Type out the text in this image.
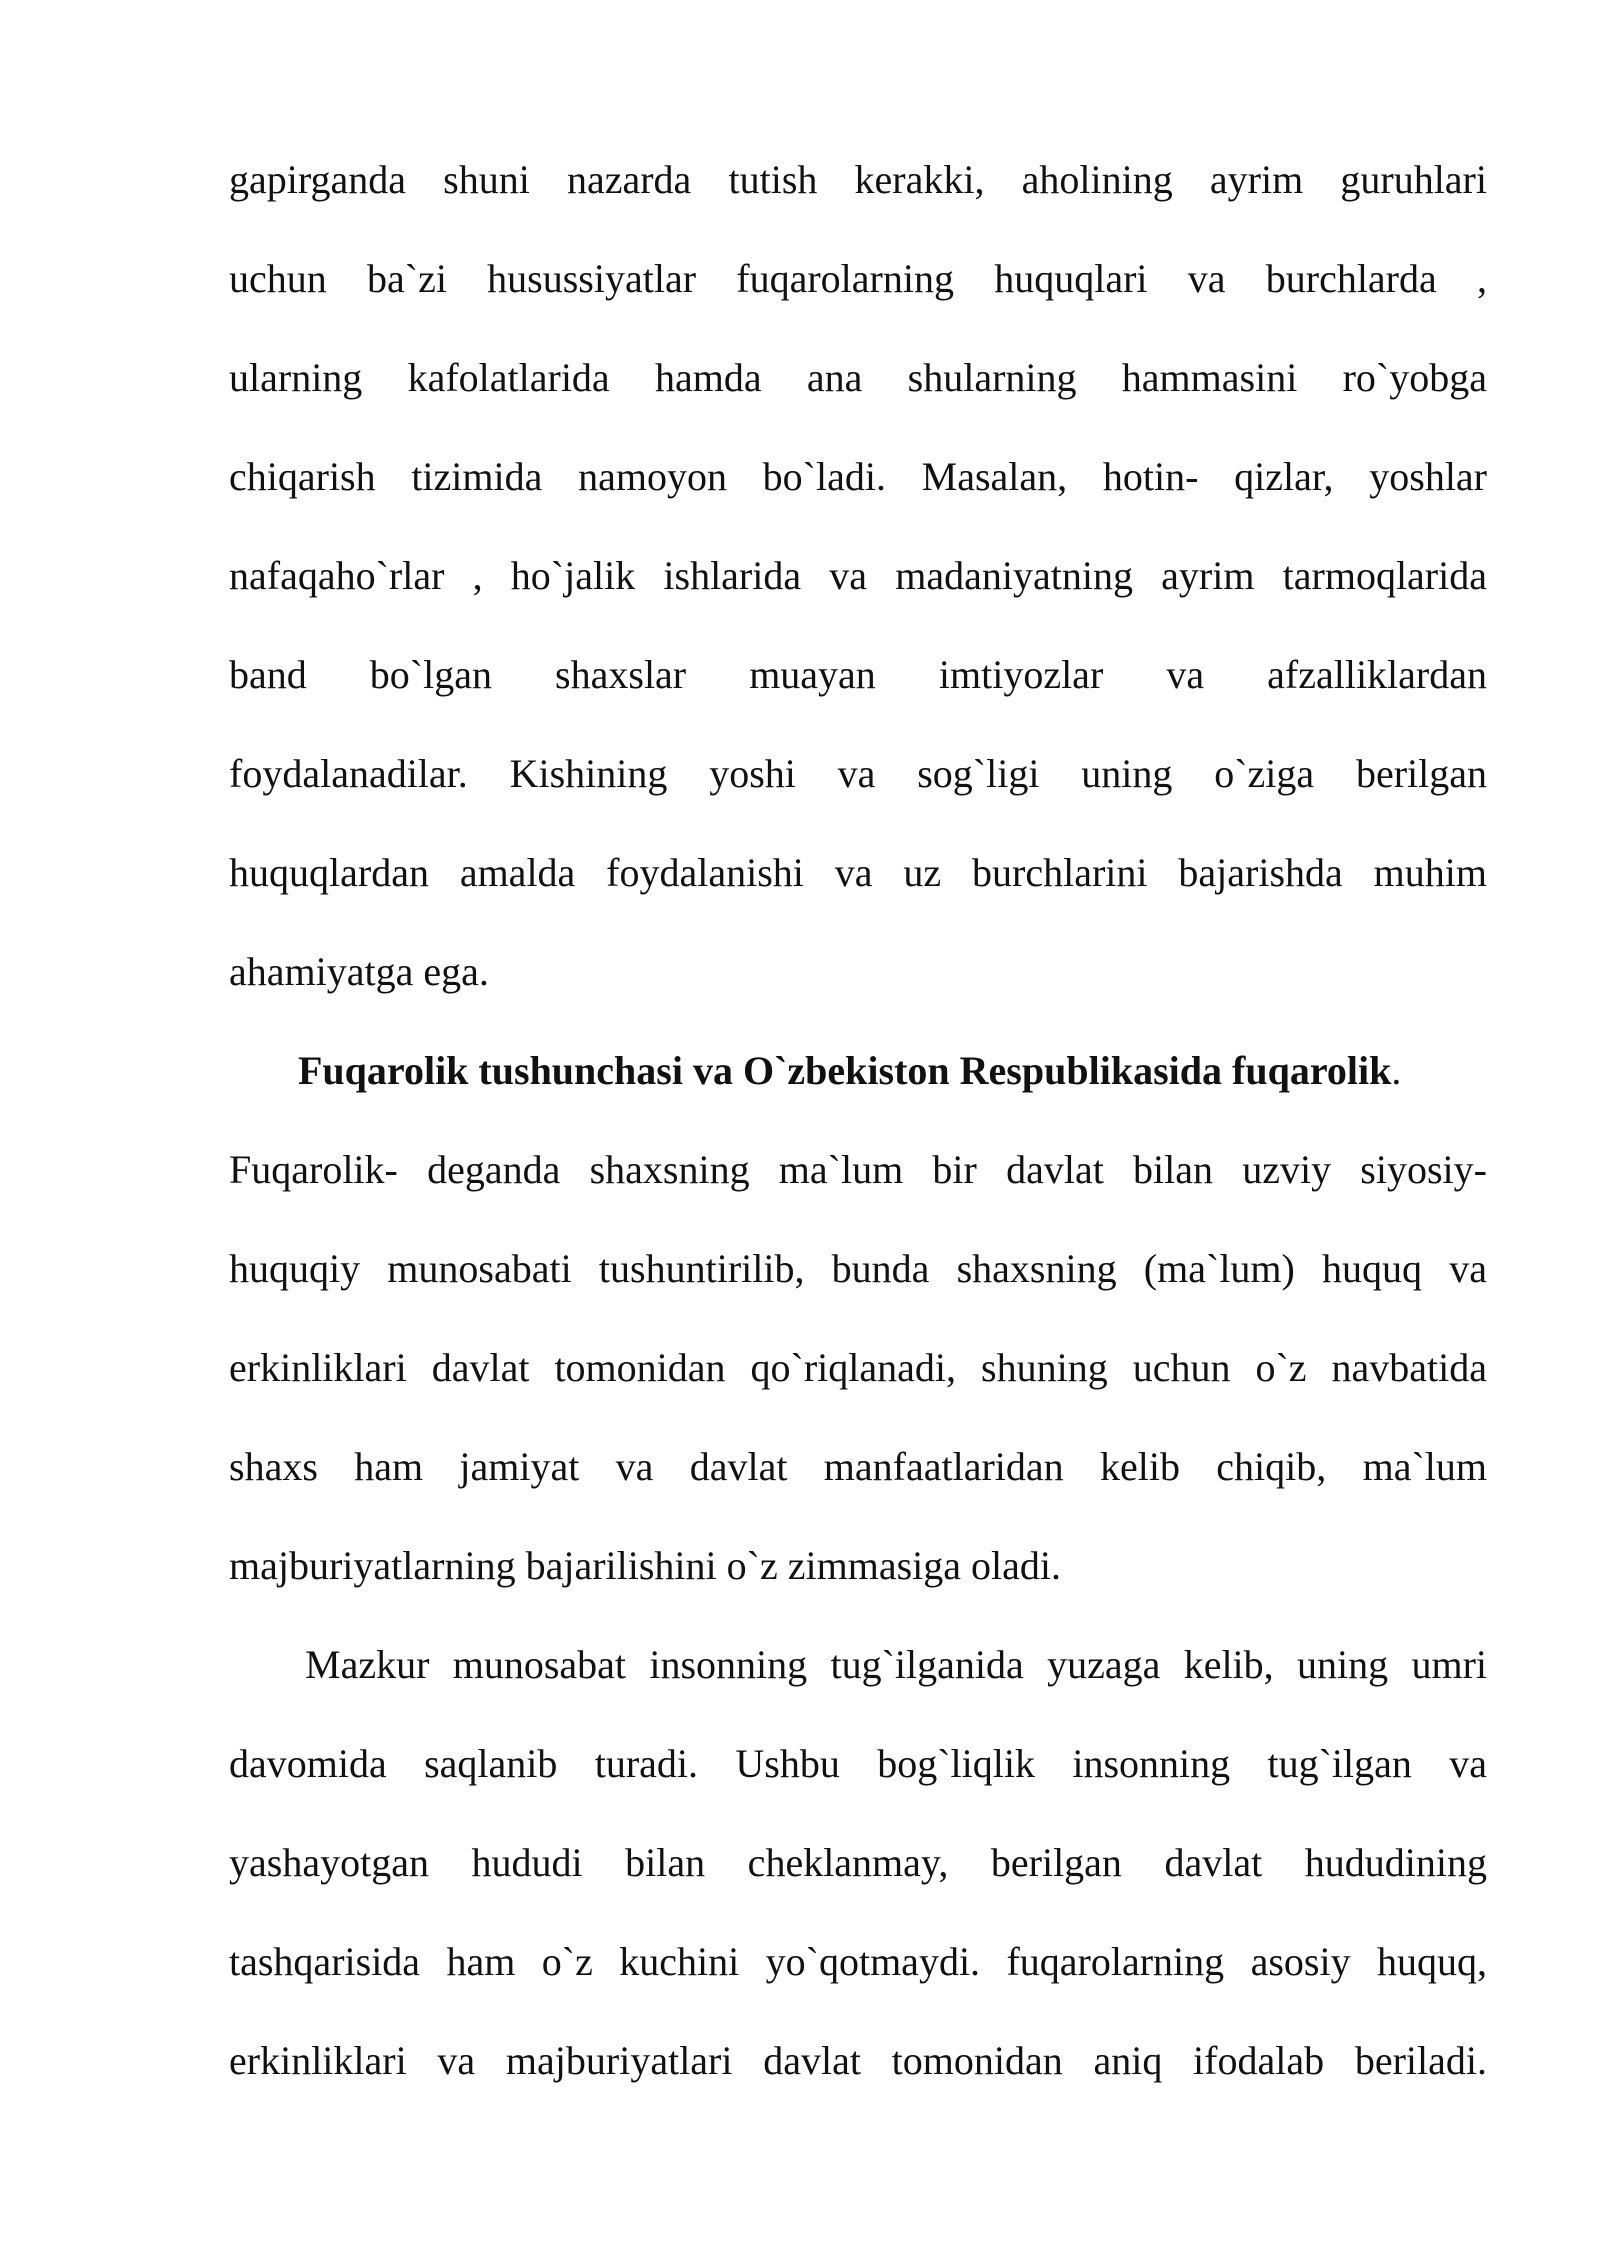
gapirganda shuni nazarda tutish kerakki, aholining ayrim guruhlari
uchun ba`zi husussiyatlar fuqarolarning huquqlari va burchlarda ,
ularning kafolatlarida hamda ana shularning hammasini ro`yobga
chiqarish tizimida namoyon bo`ladi. Masalan, hotin- qizlar, yoshlar
nafaqaho`rlar , ho`jalik ishlarida va madaniyatning ayrim tarmoqlarida
band bo`lgan shaxslar muayan imtiyozlar va afzalliklardan
foydalanadilar. Kishining yoshi va sog`ligi uning o`ziga berilgan
huquqlardan amalda foydalanishi va uz burchlarini bajarishda muhim
ahamiyatga ega.
Fuqarolik tushunchasi va O`zbekiston Respublikasida fuqarolik.
Fuqarolik- deganda shaxsning ma`lum bir davlat bilan uzviy siyosiy-
huquqiy munosabati tushuntirilib, bunda shaxsning (ma`lum) huquq va
erkinliklari davlat tomonidan qo`riqlanadi, shuning uchun o`z navbatida
shaxs ham jamiyat va davlat manfaatlaridan kelib chiqib, ma`lum
majburiyatlarning bajarilishini o`z zimmasiga oladi.
Mazkur munosabat insonning tug`ilganida yuzaga kelib, uning umri
davomida saqlanib turadi. Ushbu bog`liqlik insonning tug`ilgan va
yashayotgan hududi bilan cheklanmay, berilgan davlat hududining
tashqarisida ham o`z kuchini yo`qotmaydi. fuqarolarning asosiy huquq,
erkinliklari va majburiyatlari davlat tomonidan aniq ifodalab beriladi.
